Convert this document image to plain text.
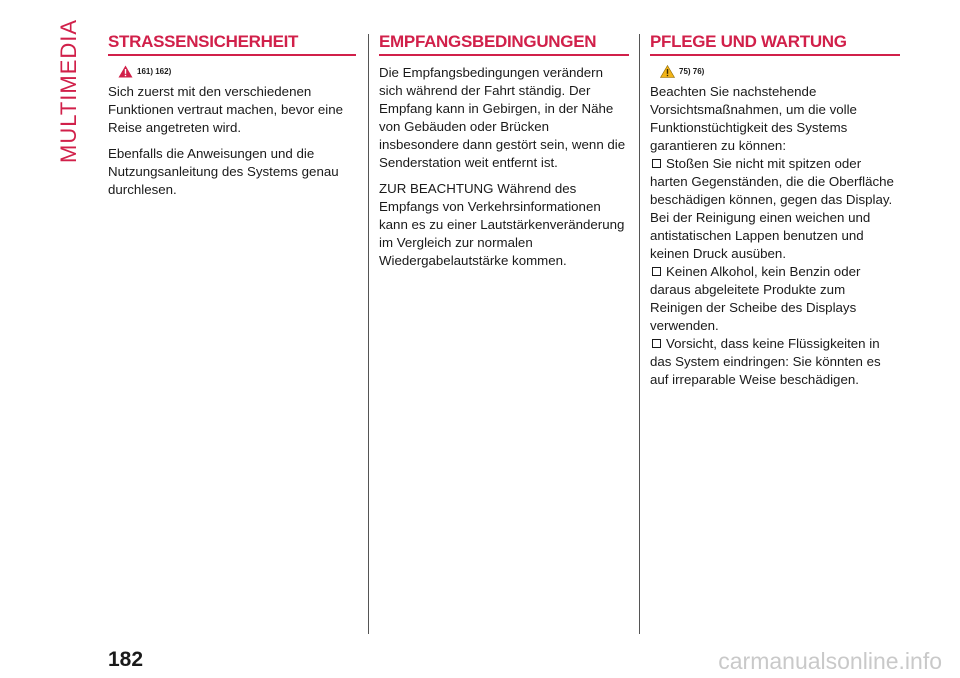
MULTIMEDIA STRASSENSICHERHEIT
161) 162)

Sich zuerst mit den verschiedenen Funktionen vertraut machen, bevor eine Reise angetreten wird.

Ebenfalls die Anweisungen und die Nutzungsanleitung des Systems genau durchlesen.

EMPFANGSBEDINGUNGEN

Die Empfangsbedingungen verändern sich während der Fahrt ständig. Der Empfang kann in Gebirgen, in der Nähe von Gebäuden oder Brücken insbesondere dann gestört sein, wenn die Senderstation weit entfernt ist.

ZUR BEACHTUNG Während des Empfangs von Verkehrsinformationen kann es zu einer Lautstärkenveränderung im Vergleich zur normalen Wiedergabelautstärke kommen.

PFLEGE UND WARTUNG
75) 76)

Beachten Sie nachstehende Vorsichtsmaßnahmen, um die volle Funktionstüchtigkeit des Systems garantieren zu können:

Stoßen Sie nicht mit spitzen oder harten Gegenständen, die die Oberfläche beschädigen können, gegen das Display. Bei der Reinigung einen weichen und antistatischen Lappen benutzen und keinen Druck ausüben.
Keinen Alkohol, kein Benzin oder daraus abgeleitete Produkte zum Reinigen der Scheibe des Displays verwenden.
Vorsicht, dass keine Flüssigkeiten in das System eindringen: Sie könnten es auf irreparable Weise beschädigen.
182	carmanualsonline.info
